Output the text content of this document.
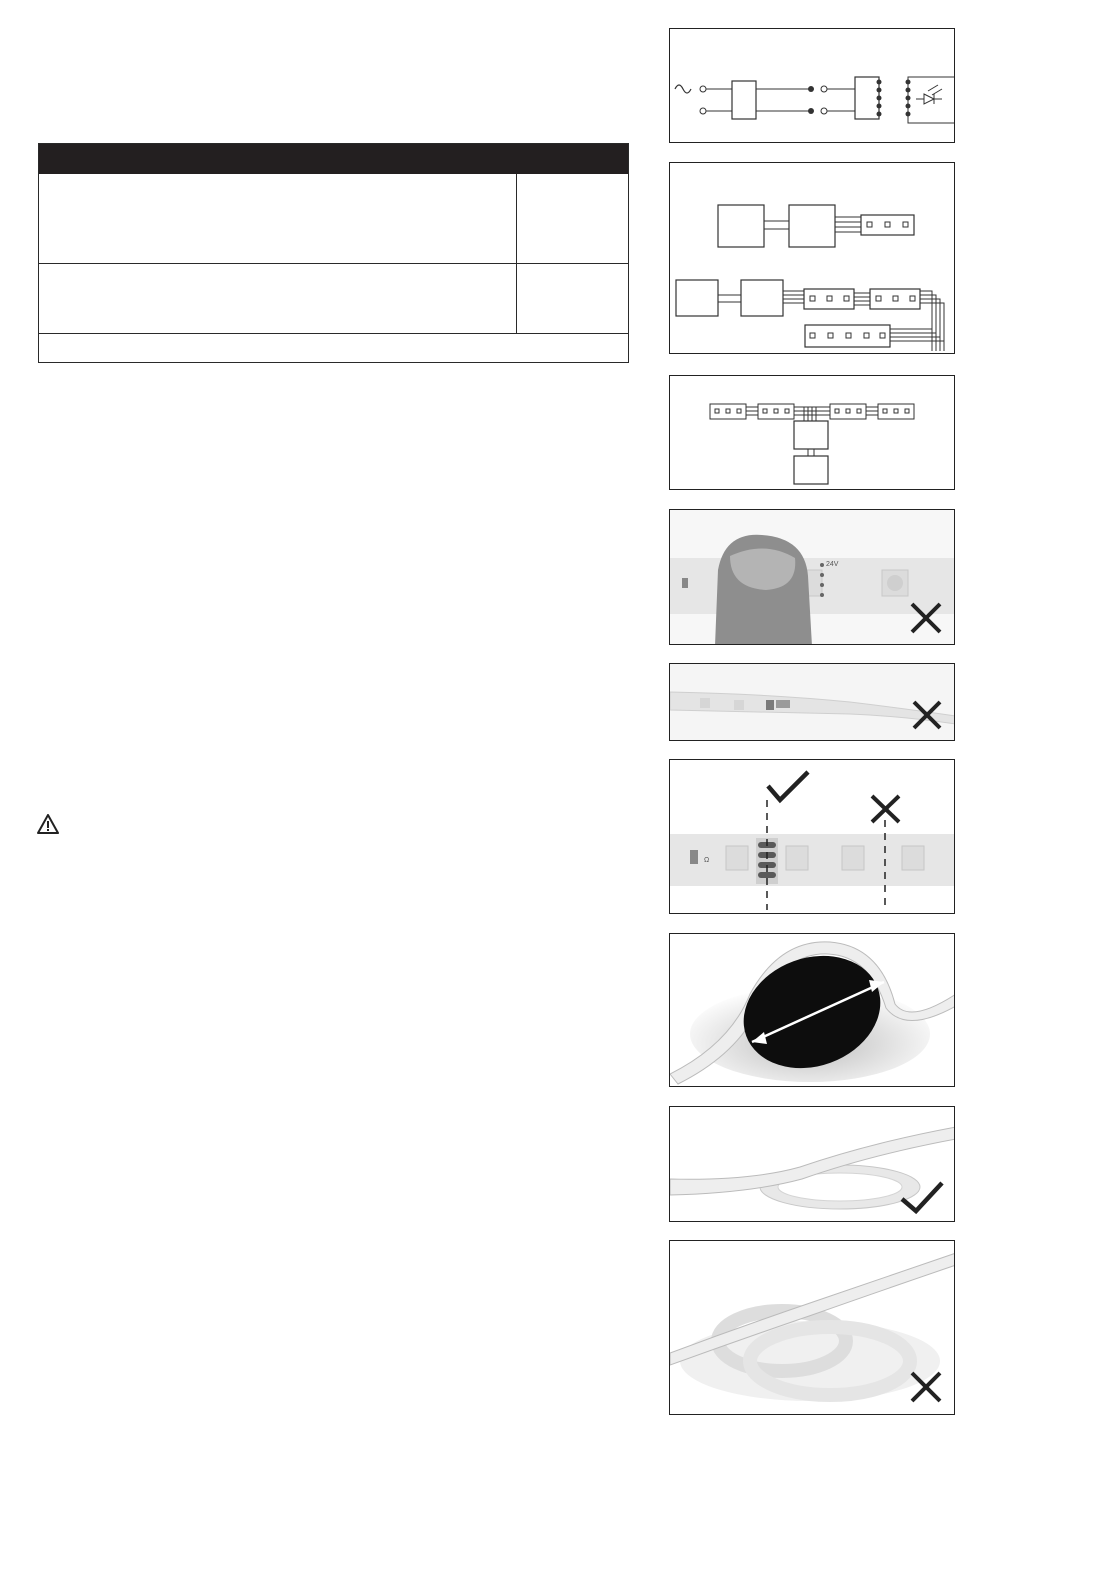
24V
Ω
